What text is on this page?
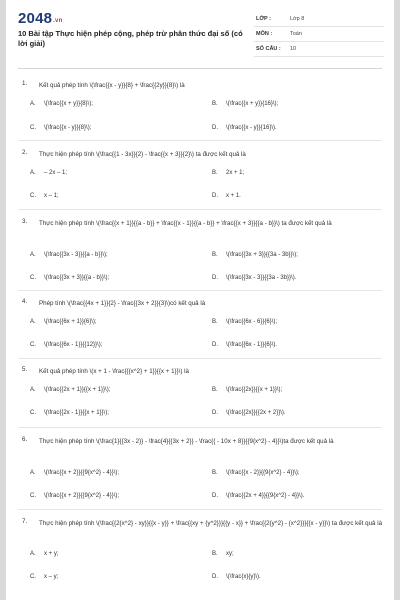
2048.vn
10 Bài tập Thực hiện phép cộng, phép trừ phân thức đại số (có lời giải)
LỚP :	Lớp 8
MÔN :	Toán
SỐ CÂU : 10
1. Kết quả phép tính \(\frac{{x - y}}{8} + \frac{{2y}}{8}\) là
A. \(\frac{{x + y}}{8}\);	B. \(\frac{{x + y}}{16}\);
C. \(\frac{{x - y}}{8}\);	D. \(\frac{{x - y}}{16}\).
2. Thực hiện phép tính \(\frac{{1 - 3x}}{2} - \frac{{x + 3}}{2}\) ta được kết quả là
A. – 2x – 1;	B. 2x + 1;
C. x – 1;	D. x + 1.
3. Thực hiện phép tính \(\frac{{x + 1}}{{a - b}} + \frac{{x - 1}}{{a - b}} + \frac{{x + 3}}{{a - b}}\) ta được kết quả là
A. \(\frac{{3x - 3}}{{a - b}}\);	B. \(\frac{{3x + 3}}{{3a - 3b}}\);
C. \(\frac{{3x + 3}}{{a - b}}\);	D. \(\frac{{3x - 3}}{{3a - 3b}}\).
4. Phép tính \(\frac{{4x + 1}}{2} - \frac{{3x + 2}}{3}\)có kết quả là
A. \(\frac{{6x + 1}}{6}\);	B. \(\frac{{6x - 6}}{6}\);
C. \(\frac{{6x - 1}}{{12}}\);	D. \(\frac{{6x - 1}}{6}\).
5. Kết quả phép tính \(x + 1 - \frac{{{x^2} + 1}}{{x + 1}}\) là
A. \(\frac{{2x + 1}}{{x + 1}}\);	B. \(\frac{{2x}}{{x + 1}}\);
C. \(\frac{{2x - 1}}{{x + 1}}\);	D. \(\frac{{2x}}{{2x + 2}}\).
6. Thực hiện phép tính \(\frac{1}{{3x - 2}} - \frac{4}{{3x + 2}} - \frac{{ - 10x + 8}}{{9{x^2} - 4}}\)ta được kết quả là
A. \(\frac{{x + 2}}{{9{x^2} - 4}}\);	B. \(\frac{{x - 2}}{{9{x^2} - 4}}\);
C. \(\frac{{x + 2}}{{9{x^2} - 4}}\);	D. \(\frac{{2x + 4}}{{9{x^2} - 4}}\).
7. Thực hiện phép tính \(\frac{{2{x^2} - xy}}{{x - y}} + \frac{{xy + {y^2}}}{{y - x}} + \frac{{2{y^2} - {x^2}}}{{x - y}}\) ta được kết quả là
A. x + y;	B. xy;
C. x – y;	D. \(\frac{x}{y}\).
